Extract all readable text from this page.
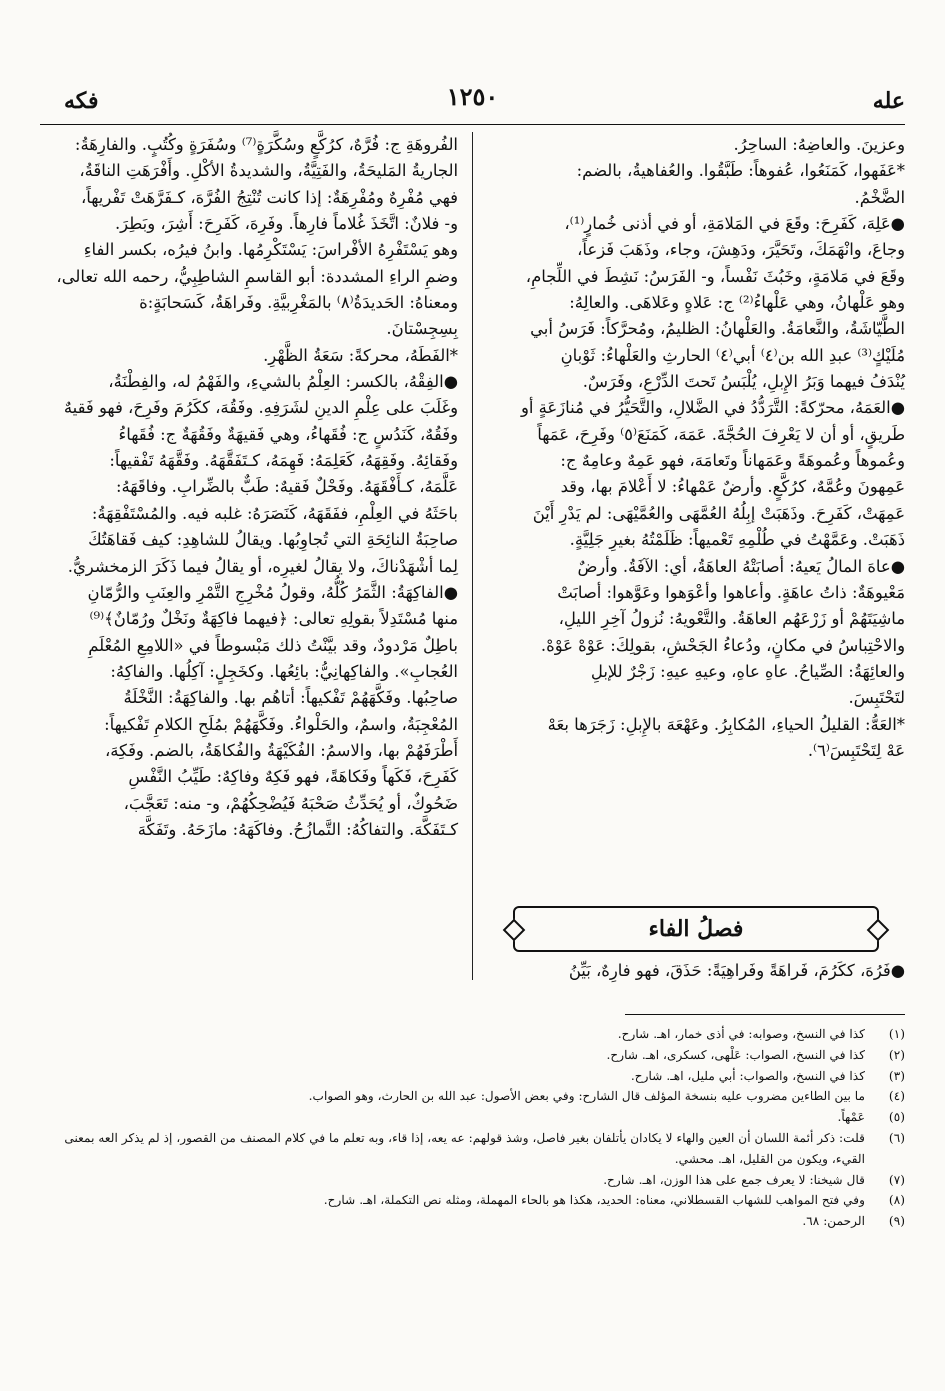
عله
١٢٥٠
فكه
وعزينَ. والعاضِهُ: الساحِرُ.
*عَفَهوا، كَمَنَعُوا، عُفوهاً: طَبَّقُوا. والعُفاهيةُ، بالضم:
الضَّخْمُ.
●عَلِهَ، كَفَرِحَ: وقَعَ في المَلامَةِ، أو في أذنى خُمارٍ⁽¹⁾،
وجاعَ، وانْهَمَكَ، وتَحَيَّرَ، ودَهِشَ، وجاء، وذَهَبَ فَزعاً،
وقَعَ في مَلامَةٍ، وخَبُثَ نَفْساً، و- الفَرَسُ: نَشِطَ في اللِّجامِ،
وهو عَلْهانُ، وهي عَلْهاءُ⁽²⁾ ج: عَلاهٍ وعَلاهَى. والعالِهُ:
الطَّيّاشَةُ، والنَّعامَةُ. والعَلْهانُ: الظليمُ، ومُحرَّكاً: فَرَسُ أبي
مُلَيْكٍ⁽³⁾ عبدِ الله بن⁽٤⁾ أبي⁽٤⁾ الحارثِ والعَلْهاءُ: ثَوْبانِ
يُنْدَفُ فيهما وَبَرُ الإِبلِ، يُلْبَسُ تَحتَ الدِّرْعِ، وفَرَسٌ.
●العَمَهُ، محرّكةً: التَّرَدُّدُ في الضَّلالِ، والتَّحَيُّرُ في مُنازَعَةٍ أو
طَريقٍ، أو أن لا يَعْرِفَ الحُجَّةَ. عَمَهَ، كَمَنَعَ⁽٥⁾ وفَرِحَ، عَمَهاً
وعُموهاً وعُموهَةً وعَمَهاناً وتَعامَهَ، فهو عَمِهٌ وعامِهٌ ج:
عَمِهونَ وعُمَّهٌ، كرُكَّعٍ. وأرضٌ عَمْهاءُ: لا أَعْلامَ بها، وقد
عَمِهَتْ، كَفَرِحَ. وذَهَبَتْ إبِلُهُ العُمَّهَى والعُمَّيْهَى: لم يَدْرِ أَيْنَ
ذَهَبَتْ. وعَمَّهْتُ في طُلْمِهِ تَعْميهاً: ظَلَمْتُهُ بغيرِ جَلِيَّةٍ.
●عاهَ المالُ يَعيهُ: أصابَتْهُ العاهَةُ، أي: الآفَةُ. وأرضٌ
مَعْيوهَةٌ: ذاتُ عاهَةٍ. وأعاهوا وأعْوَهوا وعَوَّهوا: أصابَتْ
ماشِيَتَهُمْ أو زَرْعَهُم العاهَةُ. والتَّعْويهُ: نُزولُ آخِرِ الليلِ،
والاحْتِباسُ في مكانٍ، ودُعاءُ الجَحْشِ، بقولِكَ: عَوْهْ عَوْهْ.
والعائِهَةُ: الصِّياحُ. عاهِ عاهِ، وعيهِ عيهِ: زَجْرٌ للإبلِ
لتَحْتَبِسَ.
*العَهُّ: القليلُ الحياءِ، المُكابِرُ. وعَهْعَهَ بالإِبلِ: زَجَرَها بعَهْ
عَهْ لِتَحْتَبِسَ⁽٦⁾.
الفُروهَةِ ج: فُرَّهٌ، كرُكَّعٍ وسُكَّرَةٍ⁽⁷⁾ وسُفَرَةٍ وكُتُبٍ. والفارِهَةُ:
الجاريةُ المَليحَةُ، والفَتِيَّةُ، والشديدةُ الأكْلِ. وأَفْرَهَتِ الناقَةُ،
فهي مُفْرِهٌ ومُفْرِهَةٌ: إذا كانت تُنْتِجُ الفُرَّهَ، كـفَرَّهَتْ تَفْريهاً،
و- فلانٌ: اتَّخَذَ غُلاماً فارِهاً. وفَرِهَ، كَفَرِحَ: أَشِرَ، وبَطِرَ.
وهو يَسْتَفْرِهُ الأفْراسَ: يَسْتَكْرِمُها. وابنُ فيرُه، بكسر الفاءِ
وضمِ الراءِ المشددة: أبو القاسمِ الشاطِبِيُّ، رحمه الله تعالى،
ومعناهُ: الحَديدَةُ⁽٨⁾ بالمَغْرِبيَّةِ. وفَراهَةُ، كَسَحابَةٍ:ة
بِسِجِسْتانَ.
*الفَطَهُ، محركةً: سَعَةُ الظَّهْرِ.
●الفِقْهُ، بالكسر: العِلْمُ بالشيءِ، والفَهْمُ له، والفِطْنَةُ،
وغَلَبَ على عِلْمِ الدينِ لشَرَفِهِ. وفَقُهَ، ككَرُمَ وفَرِحَ، فهو فَقيهٌ
وفَقُهٌ، كَنَدُسٍ ج: فُقَهاءُ، وهي فَقيهَةٌ وفَقُهَةٌ ج: فُقَهاءُ
وفَقائِهُ. وفَقِهَهُ، كَعَلِمَهُ: فَهِمَهُ، كـتَفَقَّهَهُ. وفَقَّهَهُ تَفْقيهاً:
عَلَّمَهُ، كـأَفْقَهَهُ. وفَحْلٌ فَقيهٌ: طَبٌّ بالضِّرابِ. وفاقَهَهُ:
باحَثَهُ في العِلْمِ، ففَقَهَهُ، كَنَصَرَهُ: غلبه فيه. والمُسْتَفْقِهَةُ:
صاحِبَةُ النائِحَةِ التي تُجاوِبُها. ويقالُ للشاهِدِ: كيف فَقاهَتُكَ
لِما أشْهَدْناكَ، ولا يقالُ لغيرِه، أو يقالُ فيما ذَكَرَ الزمخشريُّ.
●الفاكِهَةُ: الثَّمَرُ كُلُّهُ، وقولُ مُخْرِجِ التَّمْرِ والعِنَبِ والرُّمّانِ
منها مُسْتَدِلاً بقولِهِ تعالى: ﴿فيهما فاكِهَةٌ ونَخْلٌ ورُمّانٌ﴾⁽⁹⁾
باطِلٌ مَرْدودٌ، وقد بيَّنْتُ ذلك مَبْسوطاً في «اللامِعِ المُعْلَمِ
العُجابِ». والفاكِهانِيُّ: بائِعُها. وكخَجِلٍ: آكِلُها. والفاكِهُ:
صاحِبُها. وفَكَّهَهُمْ تَفْكيهاً: أتاهُم بها. والفاكِهَةُ: النَّخْلَةُ
المُعْجِبَةُ، واسمٌ، والحَلْواءُ. وفَكَّهَهُمْ بمُلَحِ الكلامِ تَفْكيهاً:
أَطْرَفَهُمْ بها، والاسمُ: الفُكَيْهَةُ والفُكاهَةُ، بالضم. وفَكِهَ،
كَفَرِحَ، فَكَهاً وفَكاهَةً، فهو فَكِهٌ وفاكِهٌ: طَيِّبُ النَّفْسِ
ضَحُوكٌ، أو يُحَدِّثُ صَحْبَهُ فَيُضْحِكُهُمْ، و- منه: تَعَجَّبَ،
كـتَفَكَّهَ. والتفاكُهُ: التَّمازُحُ. وفاكَهَهُ: مازَحَهُ. وتَفَكَّهَ
فصلُ الفاء
●فَرُهَ، ككَرُمَ، فَراهَةً وفَراهِيَةً: حَذَقَ، فهو فارِهٌ، بَيِّنُ
(١)
كذا في النسخ، وصوابه: في أذى خمار، اهـ. شارح.
(٢)
كذا في النسخ، الصواب: عَلْهى، كسكرى، اهـ. شارح.
(٣)
كذا في النسخ، والصواب: أبي مليل، اهـ. شارح.
(٤)
ما بين الطاءين مضروب عليه بنسخة المؤلف قال الشارح: وفي بعض الأصول: عبد الله بن الحارث، وهو الصواب.
(٥)
عَمْهاً.
(٦)
قلت: ذكر أئمة اللسان أن العين والهاء لا يكادان يأتلفان بغير فاصل، وشذ قولهم: عه يعه، إذا قاء، وبه تعلم ما في كلام المصنف من القصور، إذ لم يذكر العه بمعنى القيء، ويكون من القليل، اهـ. محشي.
(٧)
قال شيخنا: لا يعرف جمع على هذا الوزن، اهـ. شارح.
(٨)
وفي فتح المواهب للشهاب القسطلاني، معناه: الحديد، هكذا هو بالحاء المهملة، ومثله نص التكملة، اهـ. شارح.
(٩)
الرحمن: ٦٨.
